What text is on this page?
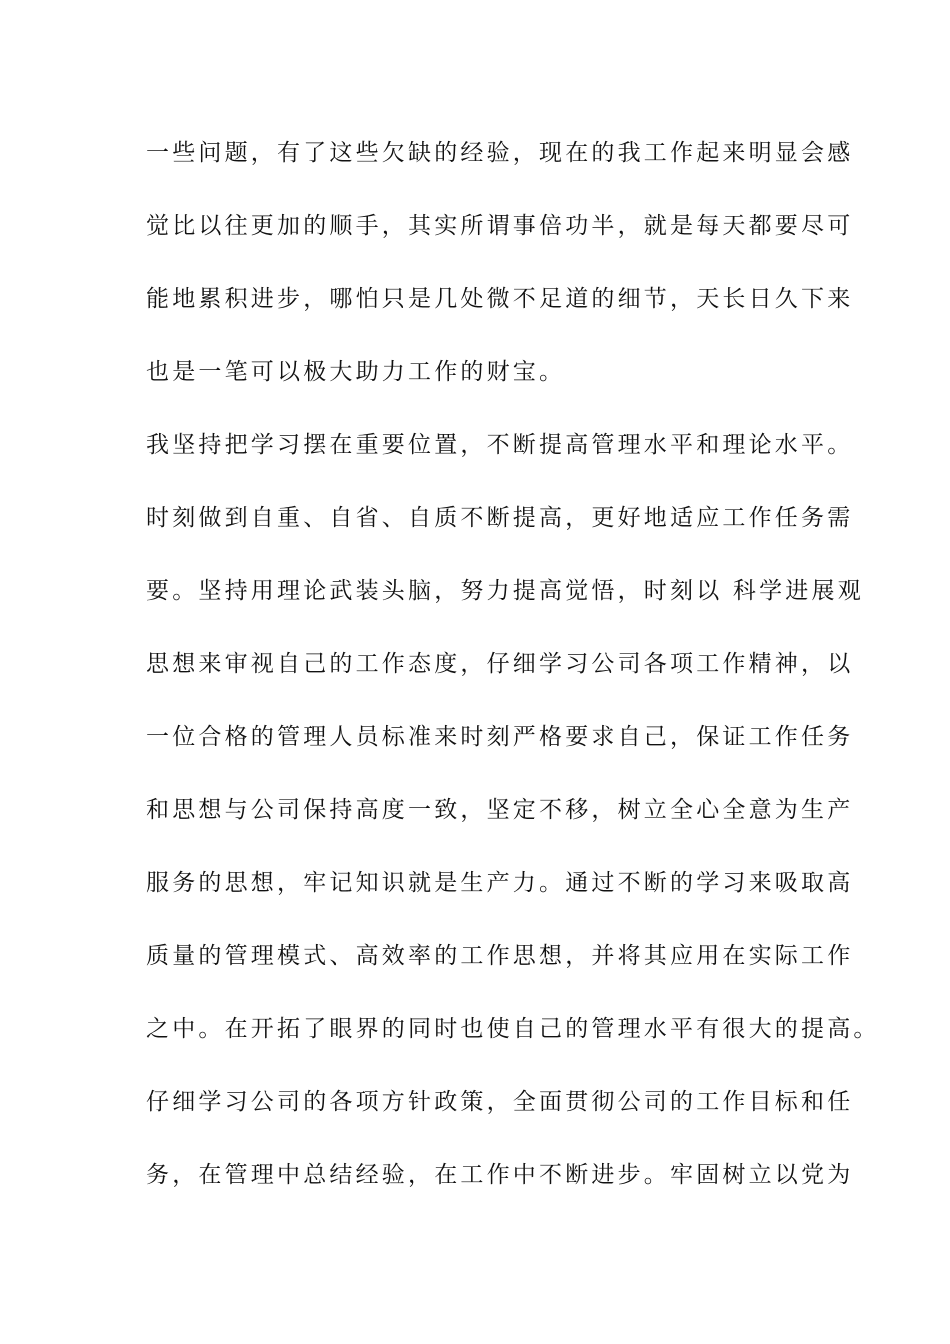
一些问题，有了这些欠缺的经验，现在的我工作起来明显会感
觉比以往更加的顺手，其实所谓事倍功半，就是每天都要尽可
能地累积进步，哪怕只是几处微不足道的细节，天长日久下来
也是一笔可以极大助力工作的财宝。
我坚持把学习摆在重要位置，不断提高管理水平和理论水平。
时刻做到自重、自省、自质不断提高，更好地适应工作任务需
要。坚持用理论武装头脑，努力提高觉悟，时刻以 科学进展观
思想来审视自己的工作态度，仔细学习公司各项工作精神，以
一位合格的管理人员标准来时刻严格要求自己，保证工作任务
和思想与公司保持高度一致，坚定不移，树立全心全意为生产
服务的思想，牢记知识就是生产力。通过不断的学习来吸取高
质量的管理模式、高效率的工作思想，并将其应用在实际工作
之中。在开拓了眼界的同时也使自己的管理水平有很大的提高。
仔细学习公司的各项方针政策，全面贯彻公司的工作目标和任
务，在管理中总结经验，在工作中不断进步。牢固树立以党为
